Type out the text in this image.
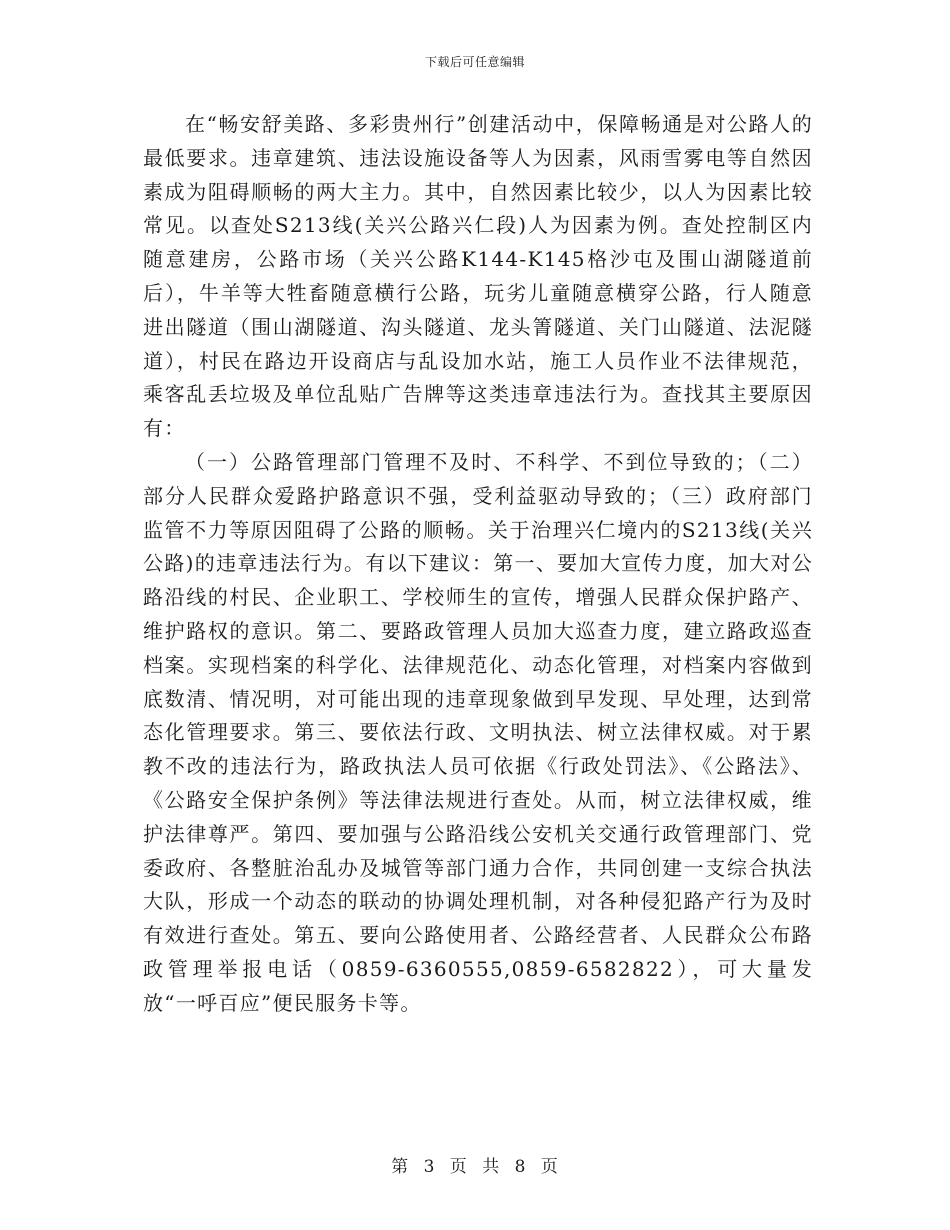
下载后可任意编辑

在“畅安舒美路、多彩贵州行”创建活动中，保障畅通是对公路人的最低要求。违章建筑、违法设施设备等人为因素，风雨雪雾电等自然因素成为阻碍顺畅的两大主力。其中，自然因素比较少，以人为因素比较常见。以查处S213线(关兴公路兴仁段)人为因素为例。查处控制区内随意建房，公路市场（关兴公路K144-K145格沙屯及围山湖隧道前后），牛羊等大牲畜随意横行公路，玩劣儿童随意横穿公路，行人随意进出隧道（围山湖隧道、沟头隧道、龙头箐隧道、关门山隧道、法泥隧道），村民在路边开设商店与乱设加水站，施工人员作业不法律规范，乘客乱丢垃圾及单位乱贴广告牌等这类违章违法行为。查找其主要原因有：

（一）公路管理部门管理不及时、不科学、不到位导致的；（二）部分人民群众爱路护路意识不强，受利益驱动导致的；（三）政府部门监管不力等原因阻碍了公路的顺畅。关于治理兴仁境内的S213线(关兴公路)的违章违法行为。有以下建议：第一、要加大宣传力度，加大对公路沿线的村民、企业职工、学校师生的宣传，增强人民群众保护路产、维护路权的意识。第二、要路政管理人员加大巡查力度，建立路政巡查档案。实现档案的科学化、法律规范化、动态化管理，对档案内容做到底数清、情况明，对可能出现的违章现象做到早发现、早处理，达到常态化管理要求。第三、要依法行政、文明执法、树立法律权威。对于累教不改的违法行为，路政执法人员可依据《行政处罚法》、《公路法》、《公路安全保护条例》等法律法规进行查处。从而，树立法律权威，维护法律尊严。第四、要加强与公路沿线公安机关交通行政管理部门、党委政府、各整脏治乱办及城管等部门通力合作，共同创建一支综合执法大队，形成一个动态的联动的协调处理机制，对各种侵犯路产行为及时有效进行查处。第五、要向公路使用者、公路经营者、人民群众公布路政管理举报电话（0859-6360555,0859-6582822），可大量发放“一呼百应”便民服务卡等。

第 3 页 共 8 页
